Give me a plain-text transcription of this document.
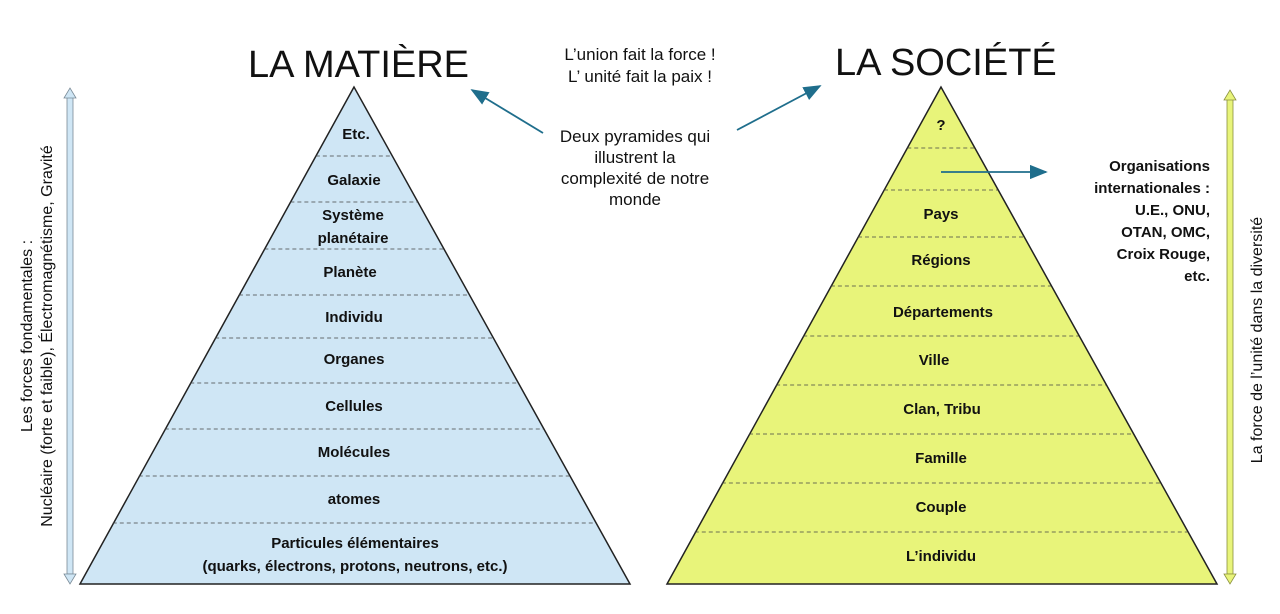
Etc.
Galaxie
Système planétaire
Planète
Individu
Organes
Cellules
Molécules
atomes
Particules élémentaires (quarks, électrons, protons, neutrons, etc.)
?
Pays
Régions
Départements
Ville
Clan, Tribu
Famille
Couple
L’individu
LA MATIÈRE	LA SOCIÉTÉ
L’union fait la force !
L’ unité fait la paix !
Deux pyramides qui illustrent la complexité de notre monde
Organisations
internationales :
U.E., ONU,
OTAN, OMC,
Croix Rouge,
etc.
Les forces fondamentales : Nucléaire (forte et faible), Électromagnétisme, Gravité	La force de l’unité dans la diversité
